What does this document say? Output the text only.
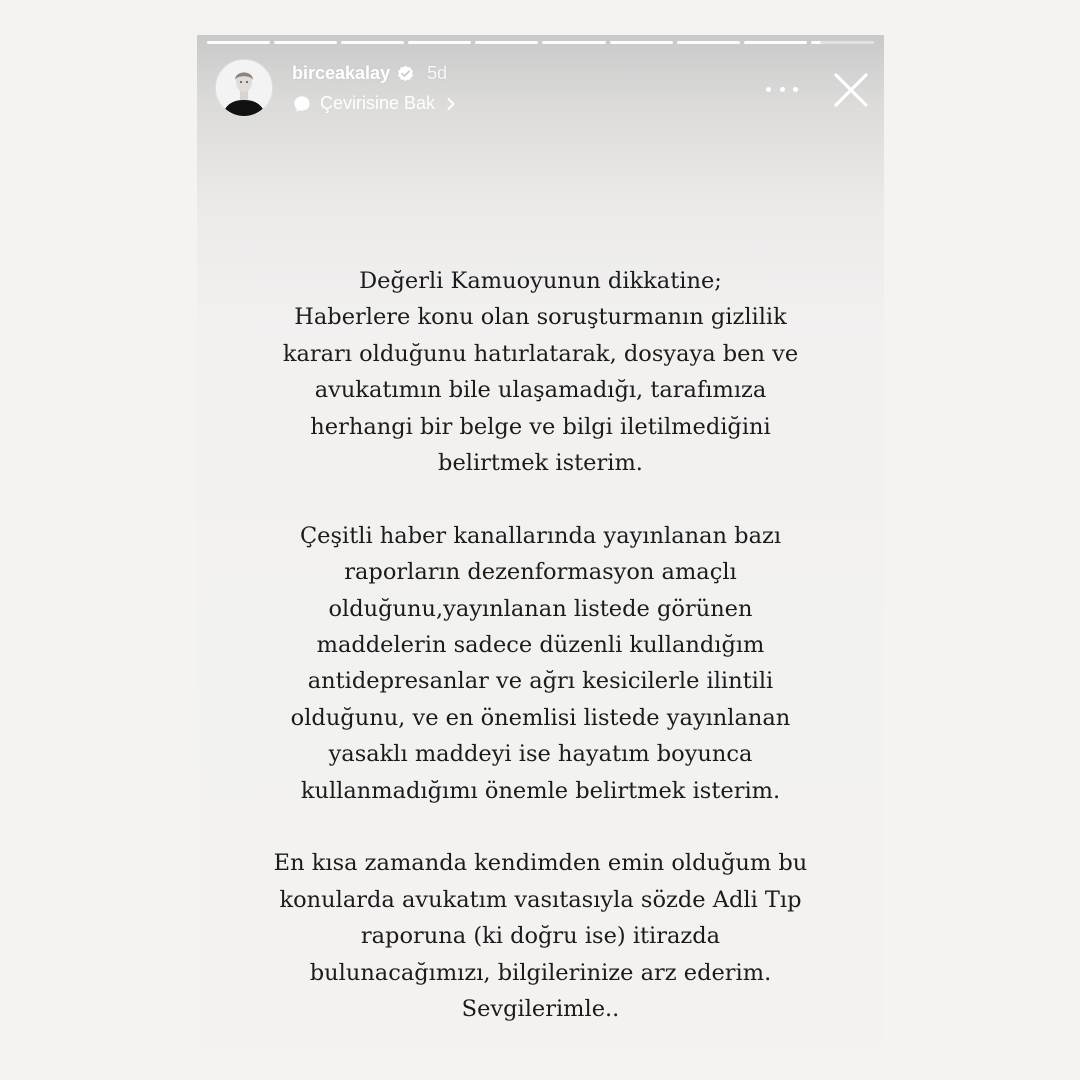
birceakalay 5d
Çevirisine Bak

Değerli Kamuoyunun dikkatine;
Haberlere konu olan soruşturmanın gizlilik
kararı olduğunu hatırlatarak, dosyaya ben ve
avukatımın bile ulaşamadığı, tarafımıza
herhangi bir belge ve bilgi iletilmediğini
belirtmek isterim.

Çeşitli haber kanallarında yayınlanan bazı
raporların dezenformasyon amaçlı
olduğunu,yayınlanan listede görünen
maddelerin sadece düzenli kullandığım
antidepresanlar ve ağrı kesicilerle ilintili
olduğunu, ve en önemlisi listede yayınlanan
yasaklı maddeyi ise hayatım boyunca
kullanmadığımı önemle belirtmek isterim.

En kısa zamanda kendimden emin olduğum bu
konularda avukatım vasıtasıyla sözde Adli Tıp
raporuna (ki doğru ise) itirazda
bulunacağımızı, bilgilerinize arz ederim.
Sevgilerimle..
